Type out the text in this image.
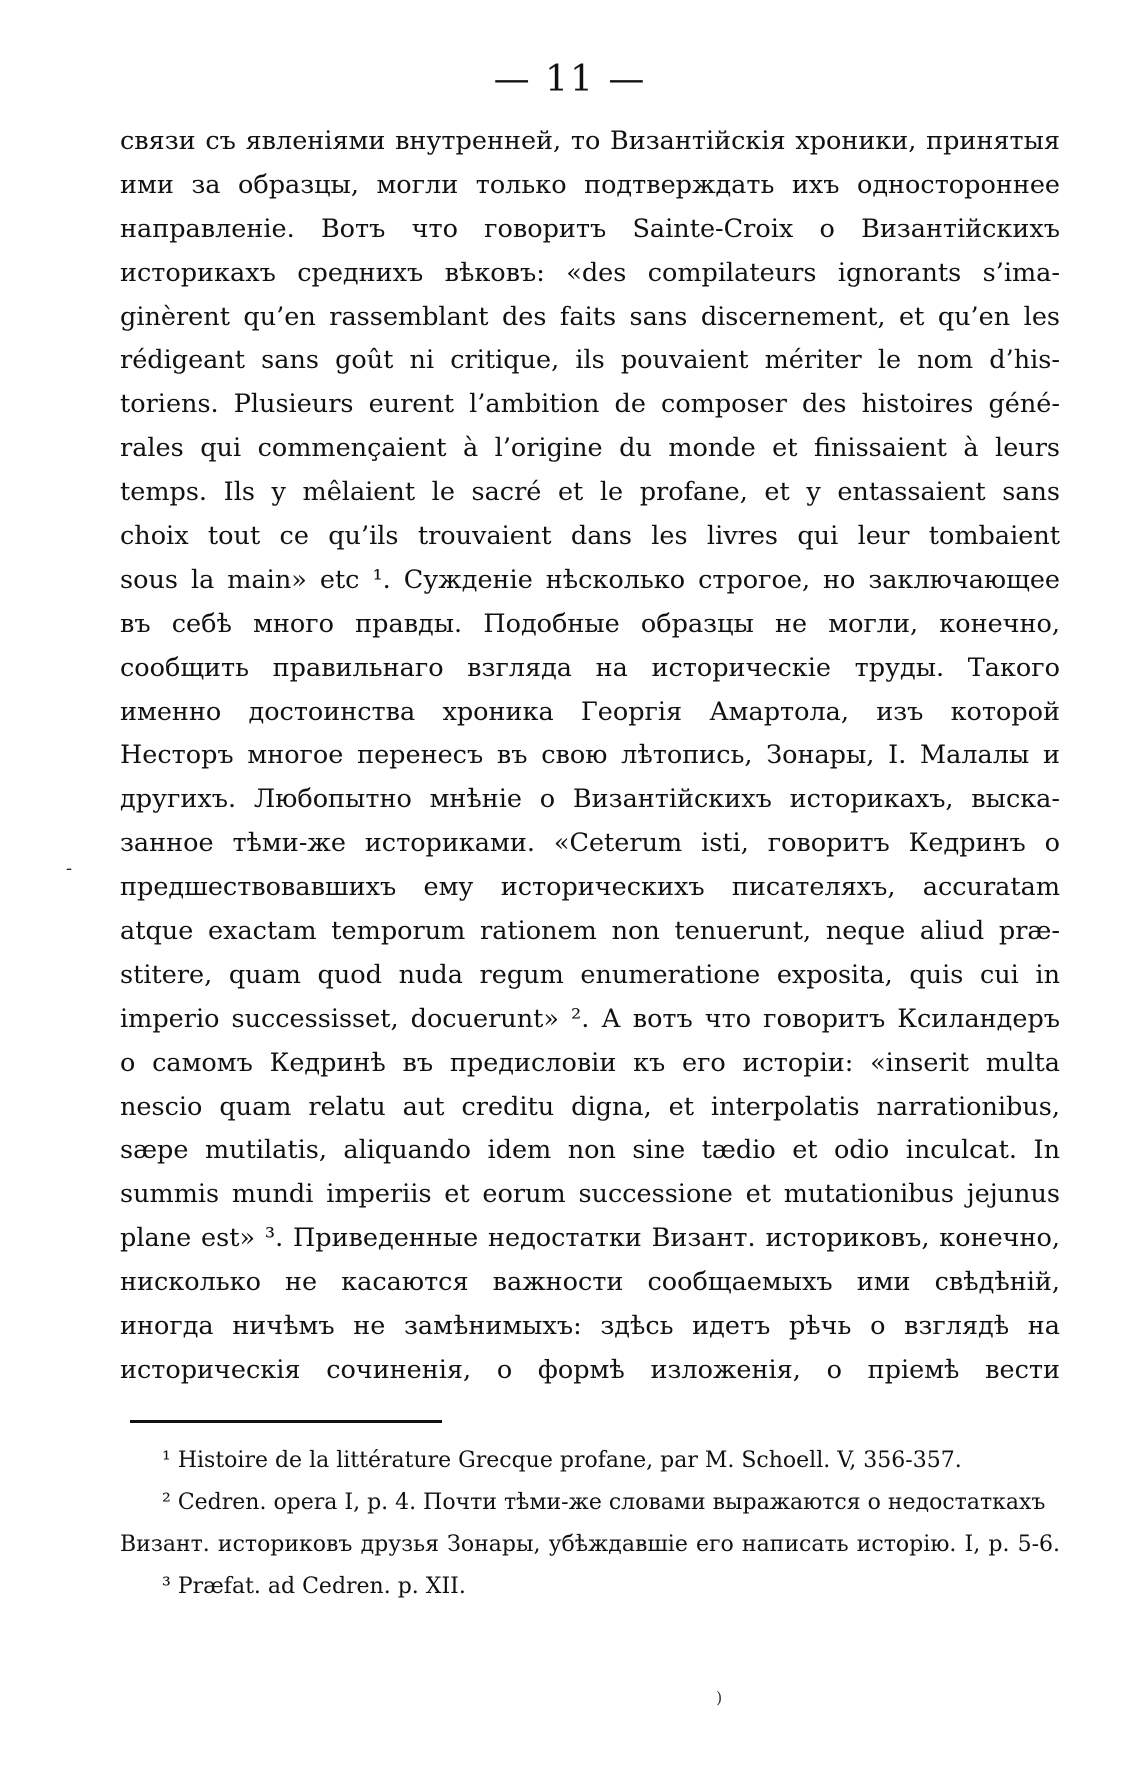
— 11 —
связи съ явленіями внутренней, то Византійскія хроники, принятыя
ими за образцы, могли только подтверждать ихъ одностороннее
направленіе. Вотъ что говоритъ Sainte-Croix о Византійскихъ
историкахъ среднихъ вѣковъ: «des compilateurs ignorants s’ima-
ginèrent qu’en rassemblant des faits sans discernement, et qu’en les
rédigeant sans goût ni critique, ils pouvaient mériter le nom d’his-
toriens. Plusieurs eurent l’ambition de composer des histoires géné-
rales qui commençaient à l’origine du monde et finissaient à leurs
temps. Ils y mêlaient le sacré et le profane, et y entassaient sans
choix tout ce qu’ils trouvaient dans les livres qui leur tombaient
sous la main» etc ¹. Сужденіе нѣсколько строгое, но заключающее
въ себѣ много правды. Подобные образцы не могли, конечно,
сообщить правильнаго взгляда на историческіе труды. Такого
именно достоинства хроника Георгія Амартола, изъ которой
Несторъ многое перенесъ въ свою лѣтопись, Зонары, І. Малалы и
другихъ. Любопытно мнѣніе о Византійскихъ историкахъ, выска-
занное тѣми-же историками. «Ceterum isti, говоритъ Кедринъ о
предшествовавшихъ ему историческихъ писателяхъ, accuratam
atque exactam temporum rationem non tenuerunt, neque aliud præ-
stitere, quam quod nuda regum enumeratione exposita, quis cui in
imperio successisset, docuerunt» ². А вотъ что говоритъ Ксиландеръ
о самомъ Кедринѣ въ предисловіи къ его исторіи: «inserit multa
nescio quam relatu aut creditu digna, et interpolatis narrationibus,
sæpe mutilatis, aliquando idem non sine tædio et odio inculcat. In
summis mundi imperiis et eorum successione et mutationibus jejunus
plane est» ³. Приведенные недостатки Визант. историковъ, конечно,
нисколько не касаются важности сообщаемыхъ ими свѣдѣній,
иногда ничѣмъ не замѣнимыхъ: здѣсь идетъ рѣчь о взглядѣ на
историческія сочиненія, о формѣ изложенія, о пріемѣ вести
-
¹ Histoire de la littérature Grecque profane, par M. Schoell. V, 356-357.
² Cedren. opera I, p. 4. Почти тѣми-же словами выражаются о недостаткахъ
Визант. историковъ друзья Зонары, убѣждавшіе его написать исторію. I, p. 5-6.
³ Præfat. ad Cedren. p. XII.
)
